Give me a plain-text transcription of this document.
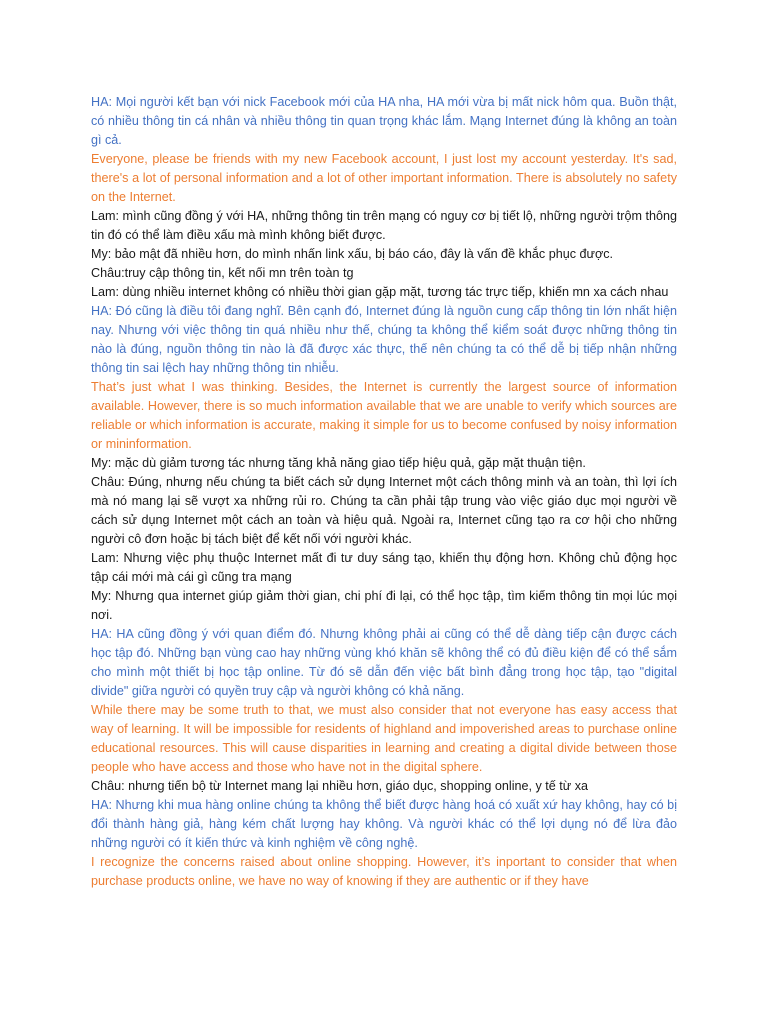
HA: Mọi người kết bạn với nick Facebook mới của HA nha, HA mới vừa bị mất nick hôm qua. Buồn thật, có nhiều thông tin cá nhân và nhiều thông tin quan trọng khác lắm. Mạng Internet đúng là không an toàn gì cả.

Everyone, please be friends with my new Facebook account, I just lost my account yesterday. It's sad, there's a lot of personal information and a lot of other important information. There is absolutely no safety on the Internet.

Lam: mình cũng đồng ý với HA, những thông tin trên mạng có nguy cơ bị tiết lộ, những người trộm thông tin đó có thể làm điều xấu mà mình không biết được.

My: bảo mật đã nhiều hơn, do mình nhấn link xấu, bị báo cáo, đây là vấn đề khắc phục được.

Châu:truy cập thông tin, kết nối mn trên toàn tg

Lam: dùng nhiều internet không có nhiều thời gian gặp mặt, tương tác trực tiếp, khiến mn xa cách nhau

HA: Đó cũng là điều tôi đang nghĩ. Bên cạnh đó, Internet đúng là nguồn cung cấp thông tin lớn nhất hiện nay. Nhưng với việc thông tin quá nhiều như thế, chúng ta không thể kiểm soát được những thông tin nào là đúng, nguồn thông tin nào là đã được xác thực, thế nên chúng ta có thể dễ bị tiếp nhận những thông tin sai lệch hay những thông tin nhiễu.

That’s just what I was thinking. Besides, the Internet is currently the largest source of information available. However, there is so much information available that we are unable to verify which sources are reliable or which information is accurate, making it simple for us to become confused by noisy information or mininformation.

My: mặc dù giảm tương tác nhưng tăng khả năng giao tiếp hiệu quả, gặp mặt thuận tiện.

Châu: Đúng, nhưng nếu chúng ta biết cách sử dụng Internet một cách thông minh và an toàn, thì lợi ích mà nó mang lại sẽ vượt xa những rủi ro. Chúng ta cần phải tập trung vào việc giáo dục mọi người về cách sử dụng Internet một cách an toàn và hiệu quả. Ngoài ra, Internet cũng tạo ra cơ hội cho những người cô đơn hoặc bị tách biệt để kết nối với người khác.

Lam: Nhưng việc phụ thuộc Internet mất đi tư duy sáng tạo, khiến thụ động hơn. Không chủ động học tập cái mới mà cái gì cũng tra mạng

My: Nhưng qua internet giúp giảm thời gian, chi phí đi lại, có thể học tập, tìm kiếm thông tin mọi lúc mọi nơi.

HA: HA cũng đồng ý với quan điểm đó. Nhưng không phải ai cũng có thể dễ dàng tiếp cận được cách học tập đó. Những bạn vùng cao hay những vùng khó khăn sẽ không thể có đủ điều kiện để có thể sắm cho mình một thiết bị học tập online. Từ đó sẽ dẫn đến việc bất bình đẳng trong học tập, tạo "digital divide" giữa người có quyền truy cập và người không có khả năng.

While there may be some truth to that, we must also consider that not everyone has easy access that way of learning. It will be impossible for residents of highland and impoverished areas to purchase online educational resources. This will cause disparities in learning and creating a digital divide between those people who have access and those who have not in the digital sphere.

Châu: nhưng tiến bộ từ Internet mang lại nhiều hơn, giáo dục, shopping online, y tế từ xa

HA: Nhưng khi mua hàng online chúng ta không thể biết được hàng hoá có xuất xứ hay không, hay có bị đổi thành hàng giả, hàng kém chất lượng hay không. Và người khác có thể lợi dụng nó để lừa đảo những người có ít kiến thức và kinh nghiệm về công nghệ.

I recognize the concerns raised about online shopping. However, it’s inportant to consider that when purchase products online, we have no way of knowing if they are authentic or if they have
